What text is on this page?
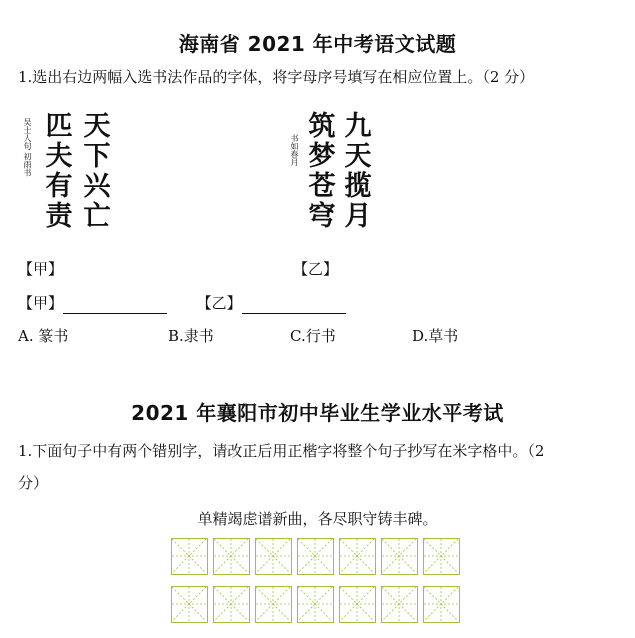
海南省 2021 年中考语文试题
1.选出右边两幅入选书法作品的字体，将字母序号填写在相应位置上。（2 分）
天
下
兴
亡
匹
夫
有
责
吴士人句 初雨书	九
天
揽
月
筑
梦
苍
穹
书如春月
【甲】	【乙】
【甲】	【乙】
A. 篆书	B.隶书	C.行书	D.草书
2021 年襄阳市初中毕业生学业水平考试
1.下面句子中有两个错别字，请改正后用正楷字将整个句子抄写在米字格中。（2
分）
单精竭虑谱新曲，各尽职守铸丰碑。
